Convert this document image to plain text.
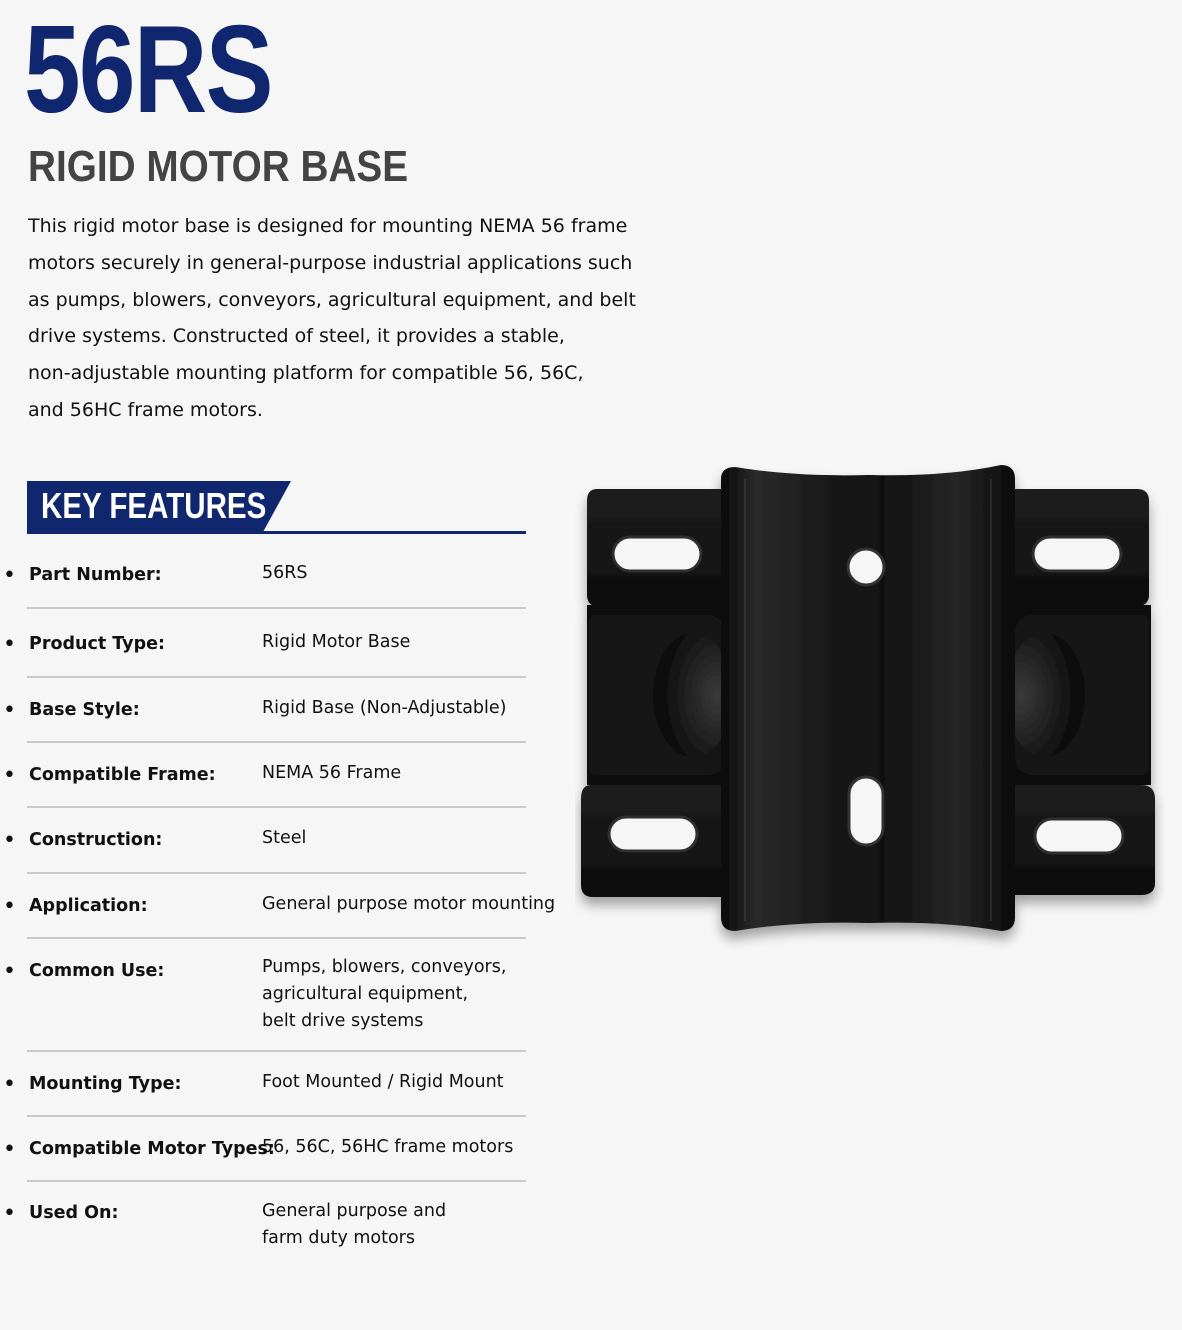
56RS
RIGID MOTOR BASE
This rigid motor base is designed for mounting NEMA 56 frame
motors securely in general-purpose industrial applications such
as pumps, blowers, conveyors, agricultural equipment, and belt
drive systems. Constructed of steel, it provides a stable,
non-adjustable mounting platform for compatible 56, 56C,
and 56HC frame motors.
KEY FEATURES
• Part Number:	56RS
• Product Type:	Rigid Motor Base
• Base Style:	Rigid Base (Non-Adjustable)
• Compatible Frame:	NEMA 56 Frame
• Construction:	Steel
• Application:	General purpose motor mounting
• Common Use:	Pumps, blowers, conveyors,
agricultural equipment,
belt drive systems
• Mounting Type:	Foot Mounted / Rigid Mount
• Compatible Motor Types:
56, 56C, 56HC frame motors
• Used On:	General purpose and
farm duty motors
